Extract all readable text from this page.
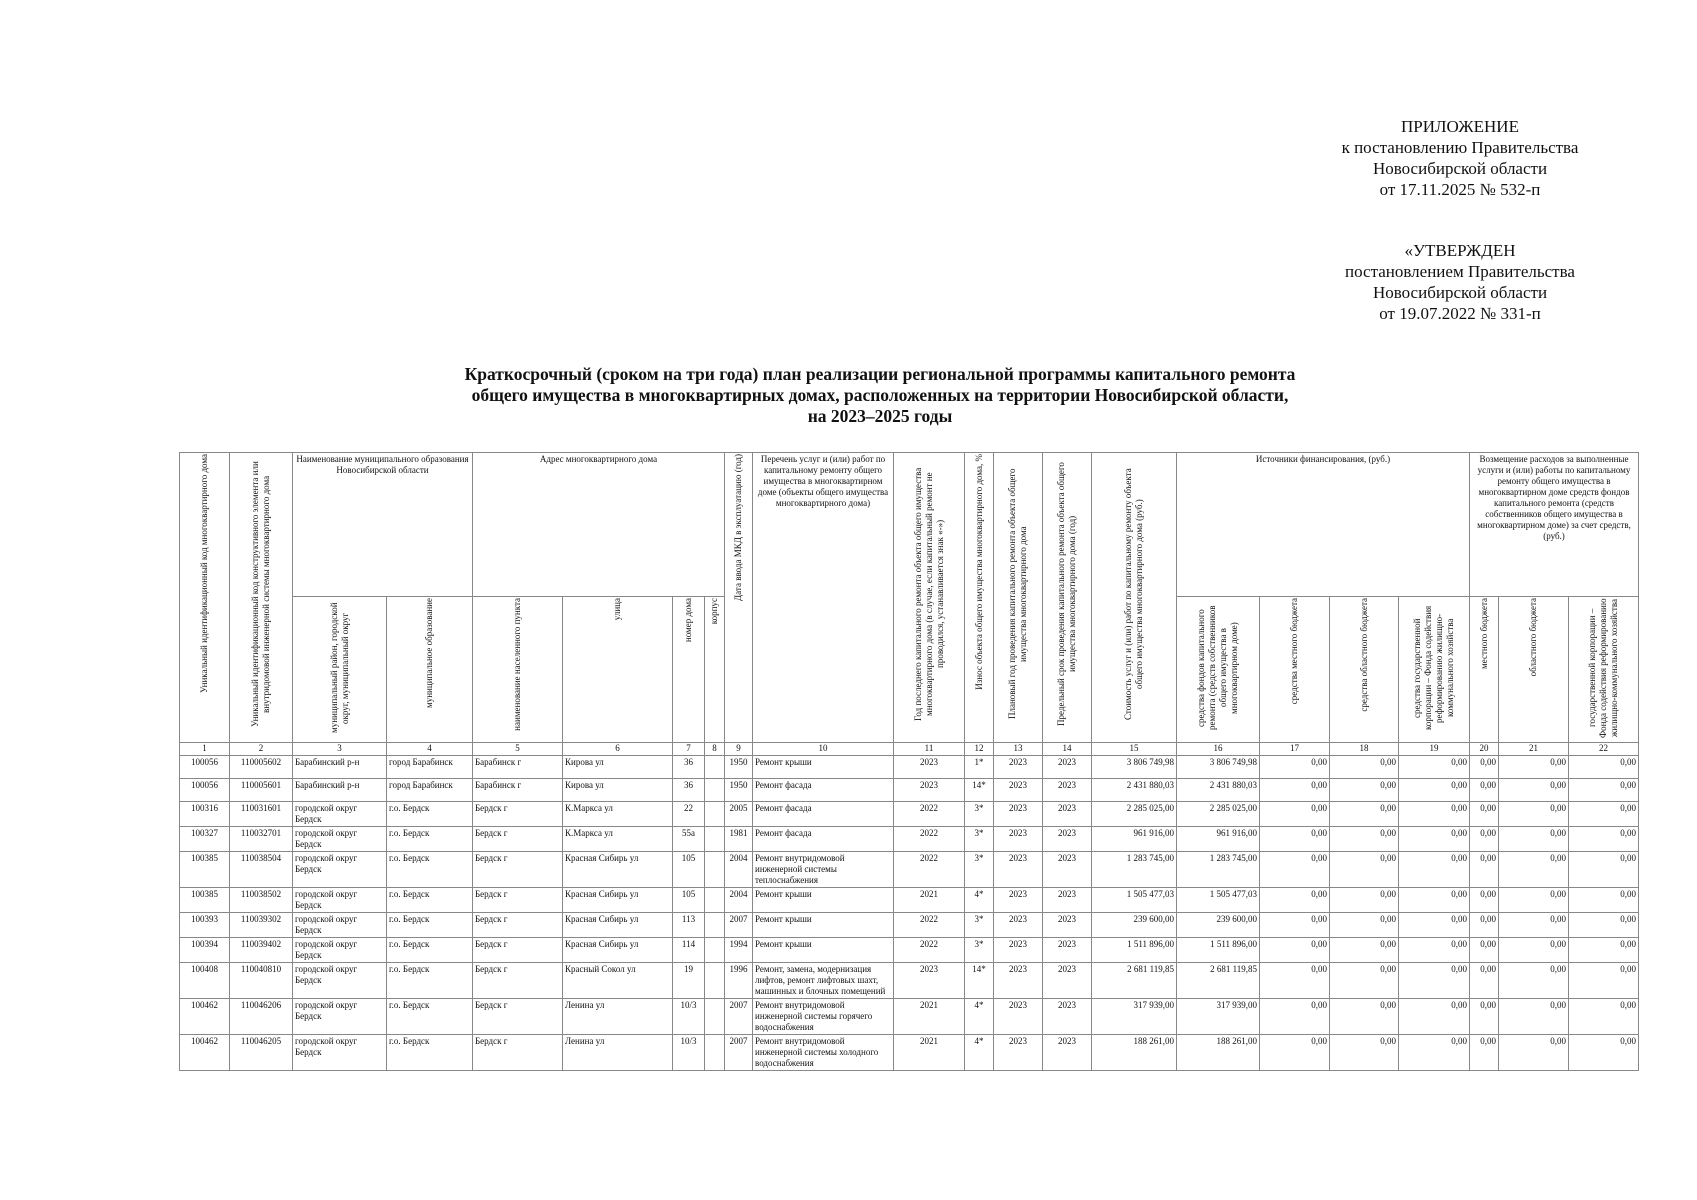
ПРИЛОЖЕНИЕ
к постановлению Правительства
Новосибирской области
от 17.11.2025 № 532-п
«УТВЕРЖДЕН
постановлением Правительства
Новосибирской области
от 19.07.2022 № 331-п
Краткосрочный (сроком на три года) план реализации региональной программы капитального ремонта
общего имущества в многоквартирных домах, расположенных на территории Новосибирской области,
на 2023–2025 годы
Уникальный идентификационный код многоквартирного дома	Уникальный идентификационный код конструктивного элемента или внутридомовой инженерной системы многоквартирного дома	Наименование муниципального образования Новосибирской области		Адрес многоквартирного дома				Дата ввода МКД в эксплуатацию (год)	Перечень услуг и (или) работ по капитальному ремонту общего имущества в многоквартирном доме (объекты общего имущества многоквартирного дома)	Год последнего капитального ремонта объекта общего имущества многоквартирного дома (в случае, если капитальный ремонт не проводился, устанавливается знак «-»)	Износ объекта общего имущества многоквартирного дома, %	Плановый год проведения капитального ремонта объекта общего имущества многоквартирного дома	Предельный срок проведения капитального ремонта объекта общего имущества многоквартирного дома (год)	Стоимость услуг и (или) работ по капитальному ремонту объекта общего имущества многоквартирного дома (руб.)	Источники финансирования, (руб.)				Возмещение расходов за выполненные услуги и (или) работы по капитальному ремонту общего имущества в многоквартирном доме средств фондов капитального ремонта (средств собственников общего имущества в многоквартирном доме) за счет средств, (руб.)		
		муниципальный район, городской округ, муниципальный округ	муниципальное образование	наименование населенного пункта	улица	номер дома	корпус								средства фондов капитального ремонта (средств собственников общего имущества в многоквартирном доме)	средства местного бюджета	средства областного бюджета	средства государственной корпорации – Фонда содействия реформированию жилищно-коммунального хозяйства	местного бюджета	областного бюджета	государственной корпорации – Фонда содействия реформированию жилищно-коммунального хозяйства
1	2	3	4	5	6	7	8	9	10	11	12	13	14	15	16	17	18	19	20	21	22
100056	110005602	Барабинский р-н	город Барабинск	Барабинск г	Кирова ул	36		1950	Ремонт крыши	2023	1*	2023	2023	3 806 749,98	3 806 749,98	0,00	0,00	0,00	0,00	0,00	0,00
100056	110005601	Барабинский р-н	город Барабинск	Барабинск г	Кирова ул	36		1950	Ремонт фасада	2023	14*	2023	2023	2 431 880,03	2 431 880,03	0,00	0,00	0,00	0,00	0,00	0,00
100316	110031601	городской округ Бердск	г.о. Бердск	Бердск г	К.Маркса ул	22		2005	Ремонт фасада	2022	3*	2023	2023	2 285 025,00	2 285 025,00	0,00	0,00	0,00	0,00	0,00	0,00
100327	110032701	городской округ Бердск	г.о. Бердск	Бердск г	К.Маркса ул	55а		1981	Ремонт фасада	2022	3*	2023	2023	961 916,00	961 916,00	0,00	0,00	0,00	0,00	0,00	0,00
100385	110038504	городской округ Бердск	г.о. Бердск	Бердск г	Красная Сибирь ул	105		2004	Ремонт внутридомовой инженерной системы теплоснабжения	2022	3*	2023	2023	1 283 745,00	1 283 745,00	0,00	0,00	0,00	0,00	0,00	0,00
100385	110038502	городской округ Бердск	г.о. Бердск	Бердск г	Красная Сибирь ул	105		2004	Ремонт крыши	2021	4*	2023	2023	1 505 477,03	1 505 477,03	0,00	0,00	0,00	0,00	0,00	0,00
100393	110039302	городской округ Бердск	г.о. Бердск	Бердск г	Красная Сибирь ул	113		2007	Ремонт крыши	2022	3*	2023	2023	239 600,00	239 600,00	0,00	0,00	0,00	0,00	0,00	0,00
100394	110039402	городской округ Бердск	г.о. Бердск	Бердск г	Красная Сибирь ул	114		1994	Ремонт крыши	2022	3*	2023	2023	1 511 896,00	1 511 896,00	0,00	0,00	0,00	0,00	0,00	0,00
100408	110040810	городской округ Бердск	г.о. Бердск	Бердск г	Красный Сокол ул	19		1996	Ремонт, замена, модернизация лифтов, ремонт лифтовых шахт, машинных и блочных помещений	2023	14*	2023	2023	2 681 119,85	2 681 119,85	0,00	0,00	0,00	0,00	0,00	0,00
100462	110046206	городской округ Бердск	г.о. Бердск	Бердск г	Ленина ул	10/3		2007	Ремонт внутридомовой инженерной системы горячего водоснабжения	2021	4*	2023	2023	317 939,00	317 939,00	0,00	0,00	0,00	0,00	0,00	0,00
100462	110046205	городской округ Бердск	г.о. Бердск	Бердск г	Ленина ул	10/3		2007	Ремонт внутридомовой инженерной системы холодного водоснабжения	2021	4*	2023	2023	188 261,00	188 261,00	0,00	0,00	0,00	0,00	0,00	0,00
